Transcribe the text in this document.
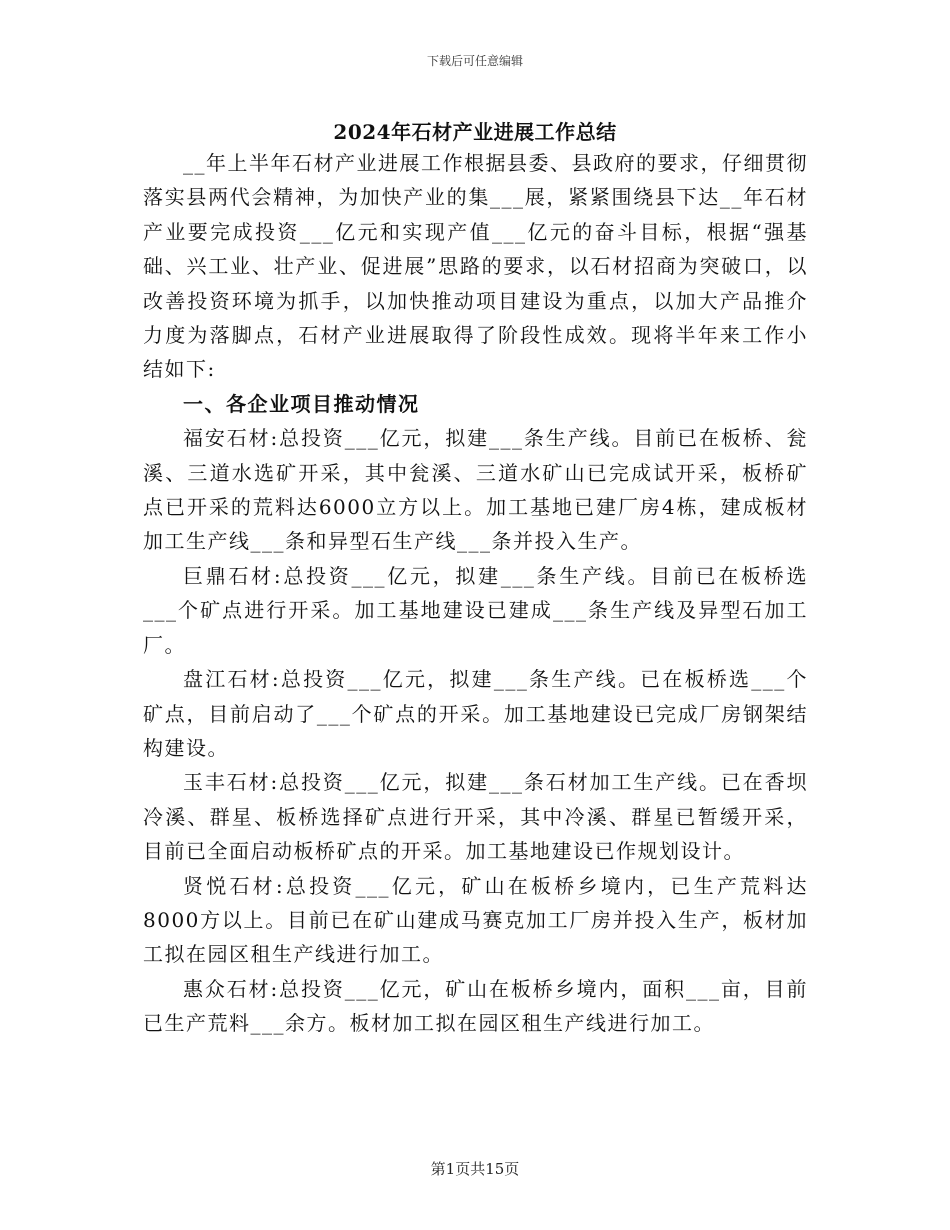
下载后可任意编辑
2024年石材产业进展工作总结

__年上半年石材产业进展工作根据县委、县政府的要求，仔细贯彻落实县两代会精神，为加快产业的集___展，紧紧围绕县下达__年石材产业要完成投资___亿元和实现产值___亿元的奋斗目标，根据“强基础、兴工业、壮产业、促进展”思路的要求，以石材招商为突破口，以改善投资环境为抓手，以加快推动项目建设为重点，以加大产品推介力度为落脚点，石材产业进展取得了阶段性成效。现将半年来工作小结如下:

一、各企业项目推动情况

福安石材:总投资___亿元，拟建___条生产线。目前已在板桥、瓮溪、三道水选矿开采，其中瓮溪、三道水矿山已完成试开采，板桥矿点已开采的荒料达6000立方以上。加工基地已建厂房4栋，建成板材加工生产线___条和异型石生产线___条并投入生产。

巨鼎石材:总投资___亿元，拟建___条生产线。目前已在板桥选___个矿点进行开采。加工基地建设已建成___条生产线及异型石加工厂。

盘江石材:总投资___亿元，拟建___条生产线。已在板桥选___个矿点，目前启动了___个矿点的开采。加工基地建设已完成厂房钢架结构建设。

玉丰石材:总投资___亿元，拟建___条石材加工生产线。已在香坝冷溪、群星、板桥选择矿点进行开采，其中冷溪、群星已暂缓开采，目前已全面启动板桥矿点的开采。加工基地建设已作规划设计。

贤悦石材:总投资___亿元，矿山在板桥乡境内，已生产荒料达8000方以上。目前已在矿山建成马赛克加工厂房并投入生产，板材加工拟在园区租生产线进行加工。

惠众石材:总投资___亿元，矿山在板桥乡境内，面积___亩，目前已生产荒料___余方。板材加工拟在园区租生产线进行加工。

第1页共15页
